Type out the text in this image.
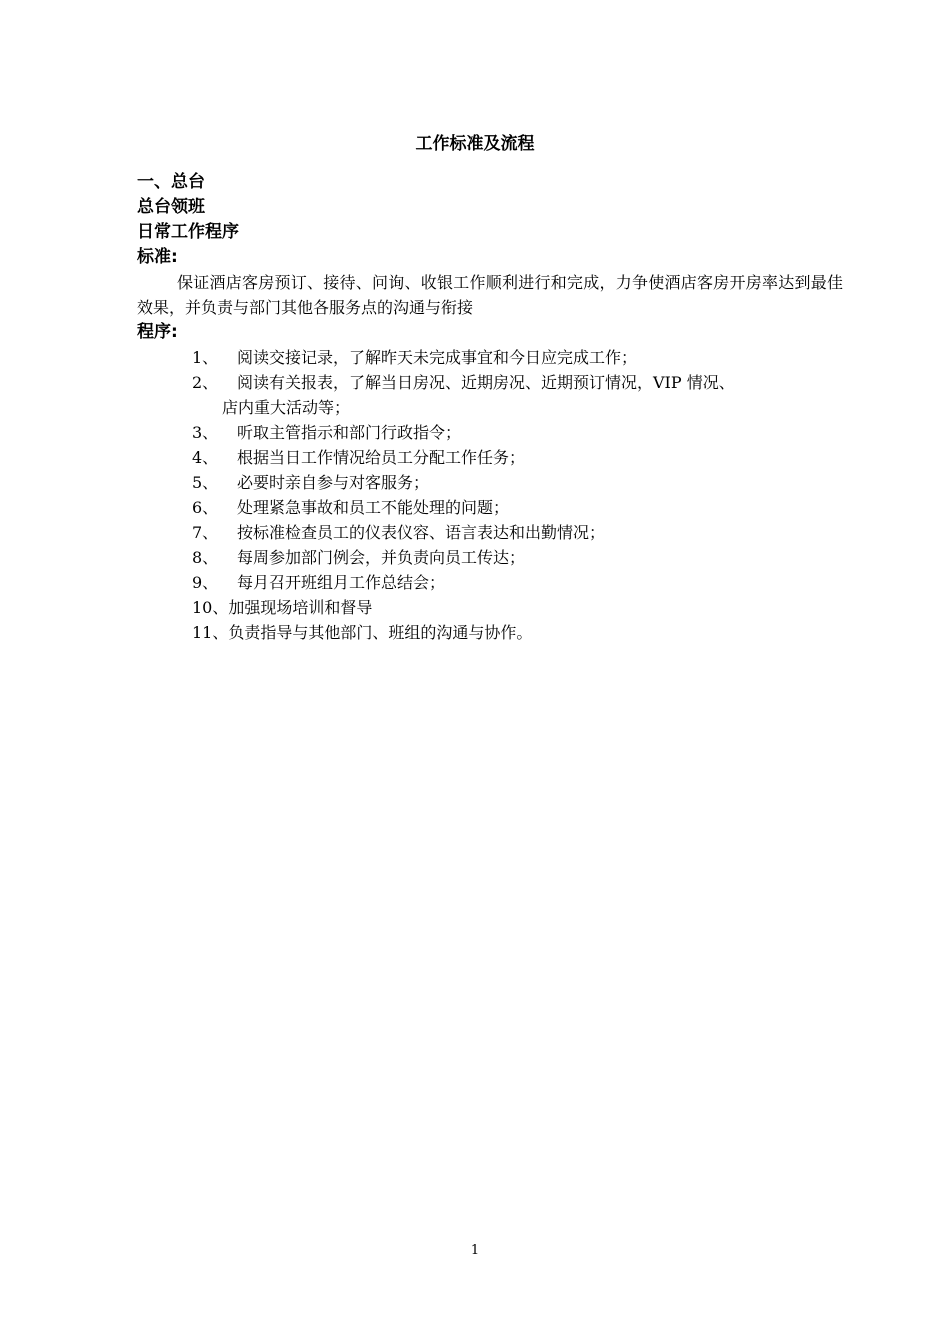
工作标准及流程
一、总台
总台领班
日常工作程序
标准:
保证酒店客房预订、接待、问询、收银工作顺利进行和完成，力争使酒店客房开房率达到最佳效果，并负责与部门其他各服务点的沟通与衔接
程序:
1、 阅读交接记录，了解昨天未完成事宜和今日应完成工作；
2、 阅读有关报表，了解当日房况、近期房况、近期预订情况，VIP 情况、
店内重大活动等；
3、 听取主管指示和部门行政指令；
4、 根据当日工作情况给员工分配工作任务；
5、 必要时亲自参与对客服务；
6、 处理紧急事故和员工不能处理的问题；
7、 按标准检查员工的仪表仪容、语言表达和出勤情况；
8、 每周参加部门例会，并负责向员工传达；
9、 每月召开班组月工作总结会；
10、加强现场培训和督导
11、负责指导与其他部门、班组的沟通与协作。
1
